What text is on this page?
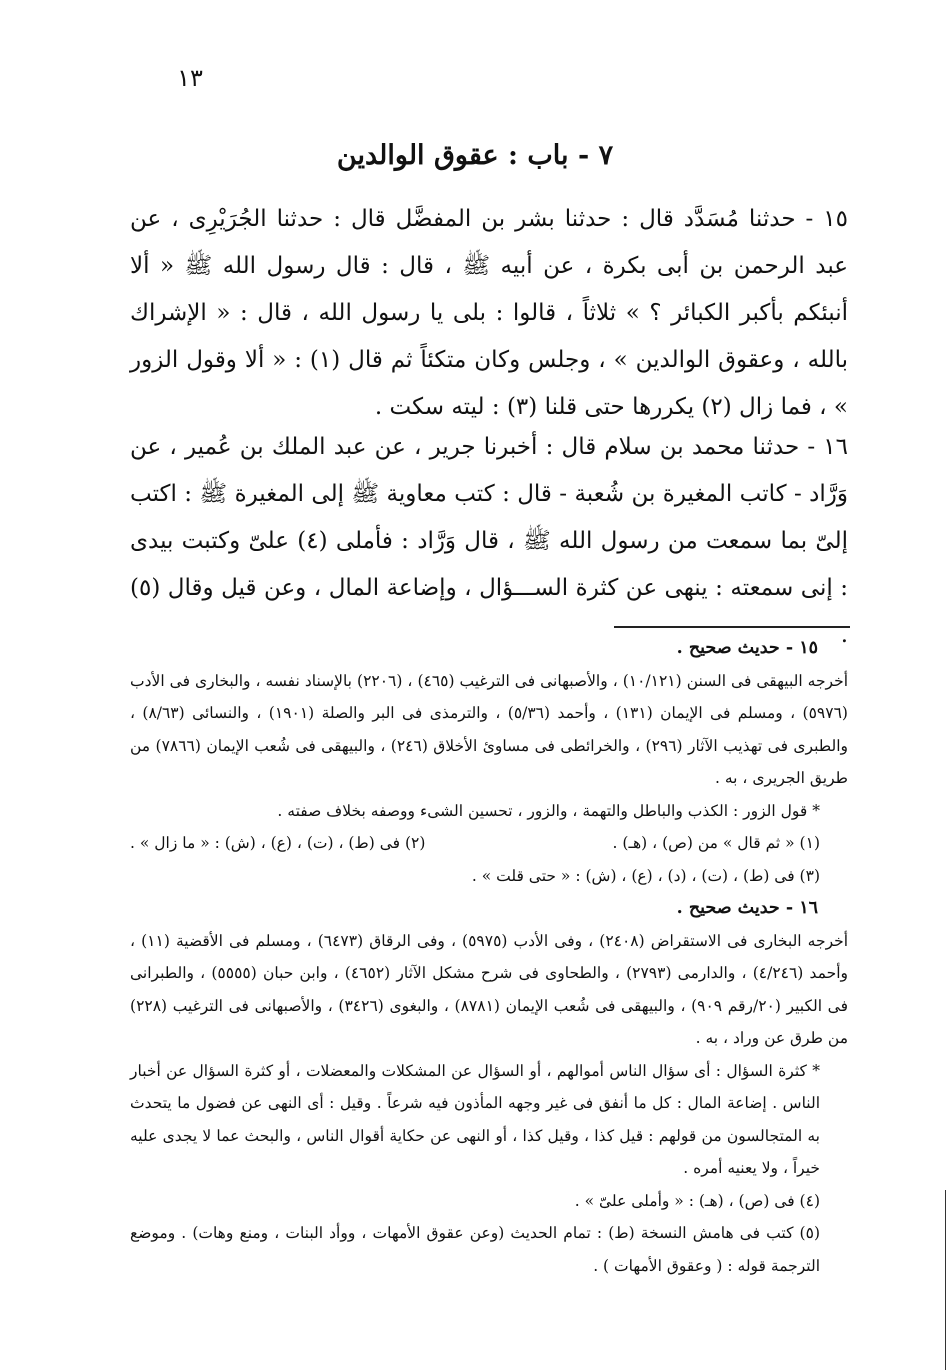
١٣
٧ - باب : عقوق الوالدين

١٥ - حدثنا مُسَدَّد قال : حدثنا بشر بن المفضَّل قال : حدثنا الجُرَيْرِى ، عن عبد الرحمن بن أبى بكرة ، عن أبيه ﷺ ، قال : قال رسول الله ﷺ « ألا أنبئكم بأكبر الكبائر ؟ » ثلاثاً ، قالوا : بلى يا رسول الله ، قال : « الإشراك بالله ، وعقوق الوالدين » ، وجلس وكان متكئاً ثم قال (١) : « ألا وقول الزور » ، فما زال (٢) يكررها حتى قلنا (٣) : ليته سكت .

١٦ - حدثنا محمد بن سلام قال : أخبرنا جرير ، عن عبد الملك بن عُمير ، عن وَرَّاد - كاتب المغيرة بن شُعبة - قال : كتب معاوية ﷺ إلى المغيرة ﷺ : اكتب إلىّ بما سمعت من رسول الله ﷺ ، قال وَرَّاد : فأملى (٤) علىّ وكتبت بيدى : إنى سمعته : ينهى عن كثرة الســـؤال ، وإضاعة المال ، وعن قيل وقال (٥) .

١٥ - حديث صحيح .

أخرجه البيهقى فى السنن (١٠/١٢١) ، والأصبهانى فى الترغيب (٤٦٥) ، (٢٢٠٦) بالإسناد نفسه ، والبخارى فى الأدب (٥٩٧٦) ، ومسلم فى الإيمان (١٣١) ، وأحمد (٥/٣٦) ، والترمذى فى البر والصلة (١٩٠١) ، والنسائى (٨/٦٣) ، والطبرى فى تهذيب الآثار (٢٩٦) ، والخرائطى فى مساوئ الأخلاق (٢٤٦) ، والبيهقى فى شُعب الإيمان (٧٨٦٦) من طريق الجريرى ، به .

* قول الزور : الكذب والباطل والتهمة ، والزور ، تحسين الشىء ووصفه بخلاف صفته .

(١) « ثم قال » من (ص) ، (هـ) .
(٢) فى (ط) ، (ت) ، (ع) ، (ش) : « ما زال » .

(٣) فى (ط) ، (ت) ، (د) ، (ع) ، (ش) : « حتى قلت » .

١٦ - حديث صحيح .

أخرجه البخارى فى الاستقراض (٢٤٠٨) ، وفى الأدب (٥٩٧٥) ، وفى الرقاق (٦٤٧٣) ، ومسلم فى الأقضية (١١) ، وأحمد (٤/٢٤٦) ، والدارمى (٢٧٩٣) ، والطحاوى فى شرح مشكل الآثار (٤٦٥٢) ، وابن حبان (٥٥٥٥) ، والطبرانى فى الكبير (٢٠/رقم ٩٠٩) ، والبيهقى فى شُعب الإيمان (٨٧٨١) ، والبغوى (٣٤٢٦) ، والأصبهانى فى الترغيب (٢٢٨) من طرق عن وراد ، به .

* كثرة السؤال : أى سؤال الناس أموالهم ، أو السؤال عن المشكلات والمعضلات ، أو كثرة السؤال عن أخبار الناس . إضاعة المال : كل ما أنفق فى غير وجهه المأذون فيه شرعاً . وقيل : أى النهى عن فضول ما يتحدث به المتجالسون من قولهم : قيل كذا ، وقيل كذا ، أو النهى عن حكاية أقوال الناس ، والبحث عما لا يجدى عليه خيراً ، ولا يعنيه أمره .

(٤) فى (ص) ، (هـ) : « وأملى علىّ » .

(٥) كتب فى هامش النسخة (ط) : تمام الحديث (وعن عقوق الأمهات ، ووأد البنات ، ومنع وهات) . وموضع الترجمة قوله : ( وعقوق الأمهات ) .
